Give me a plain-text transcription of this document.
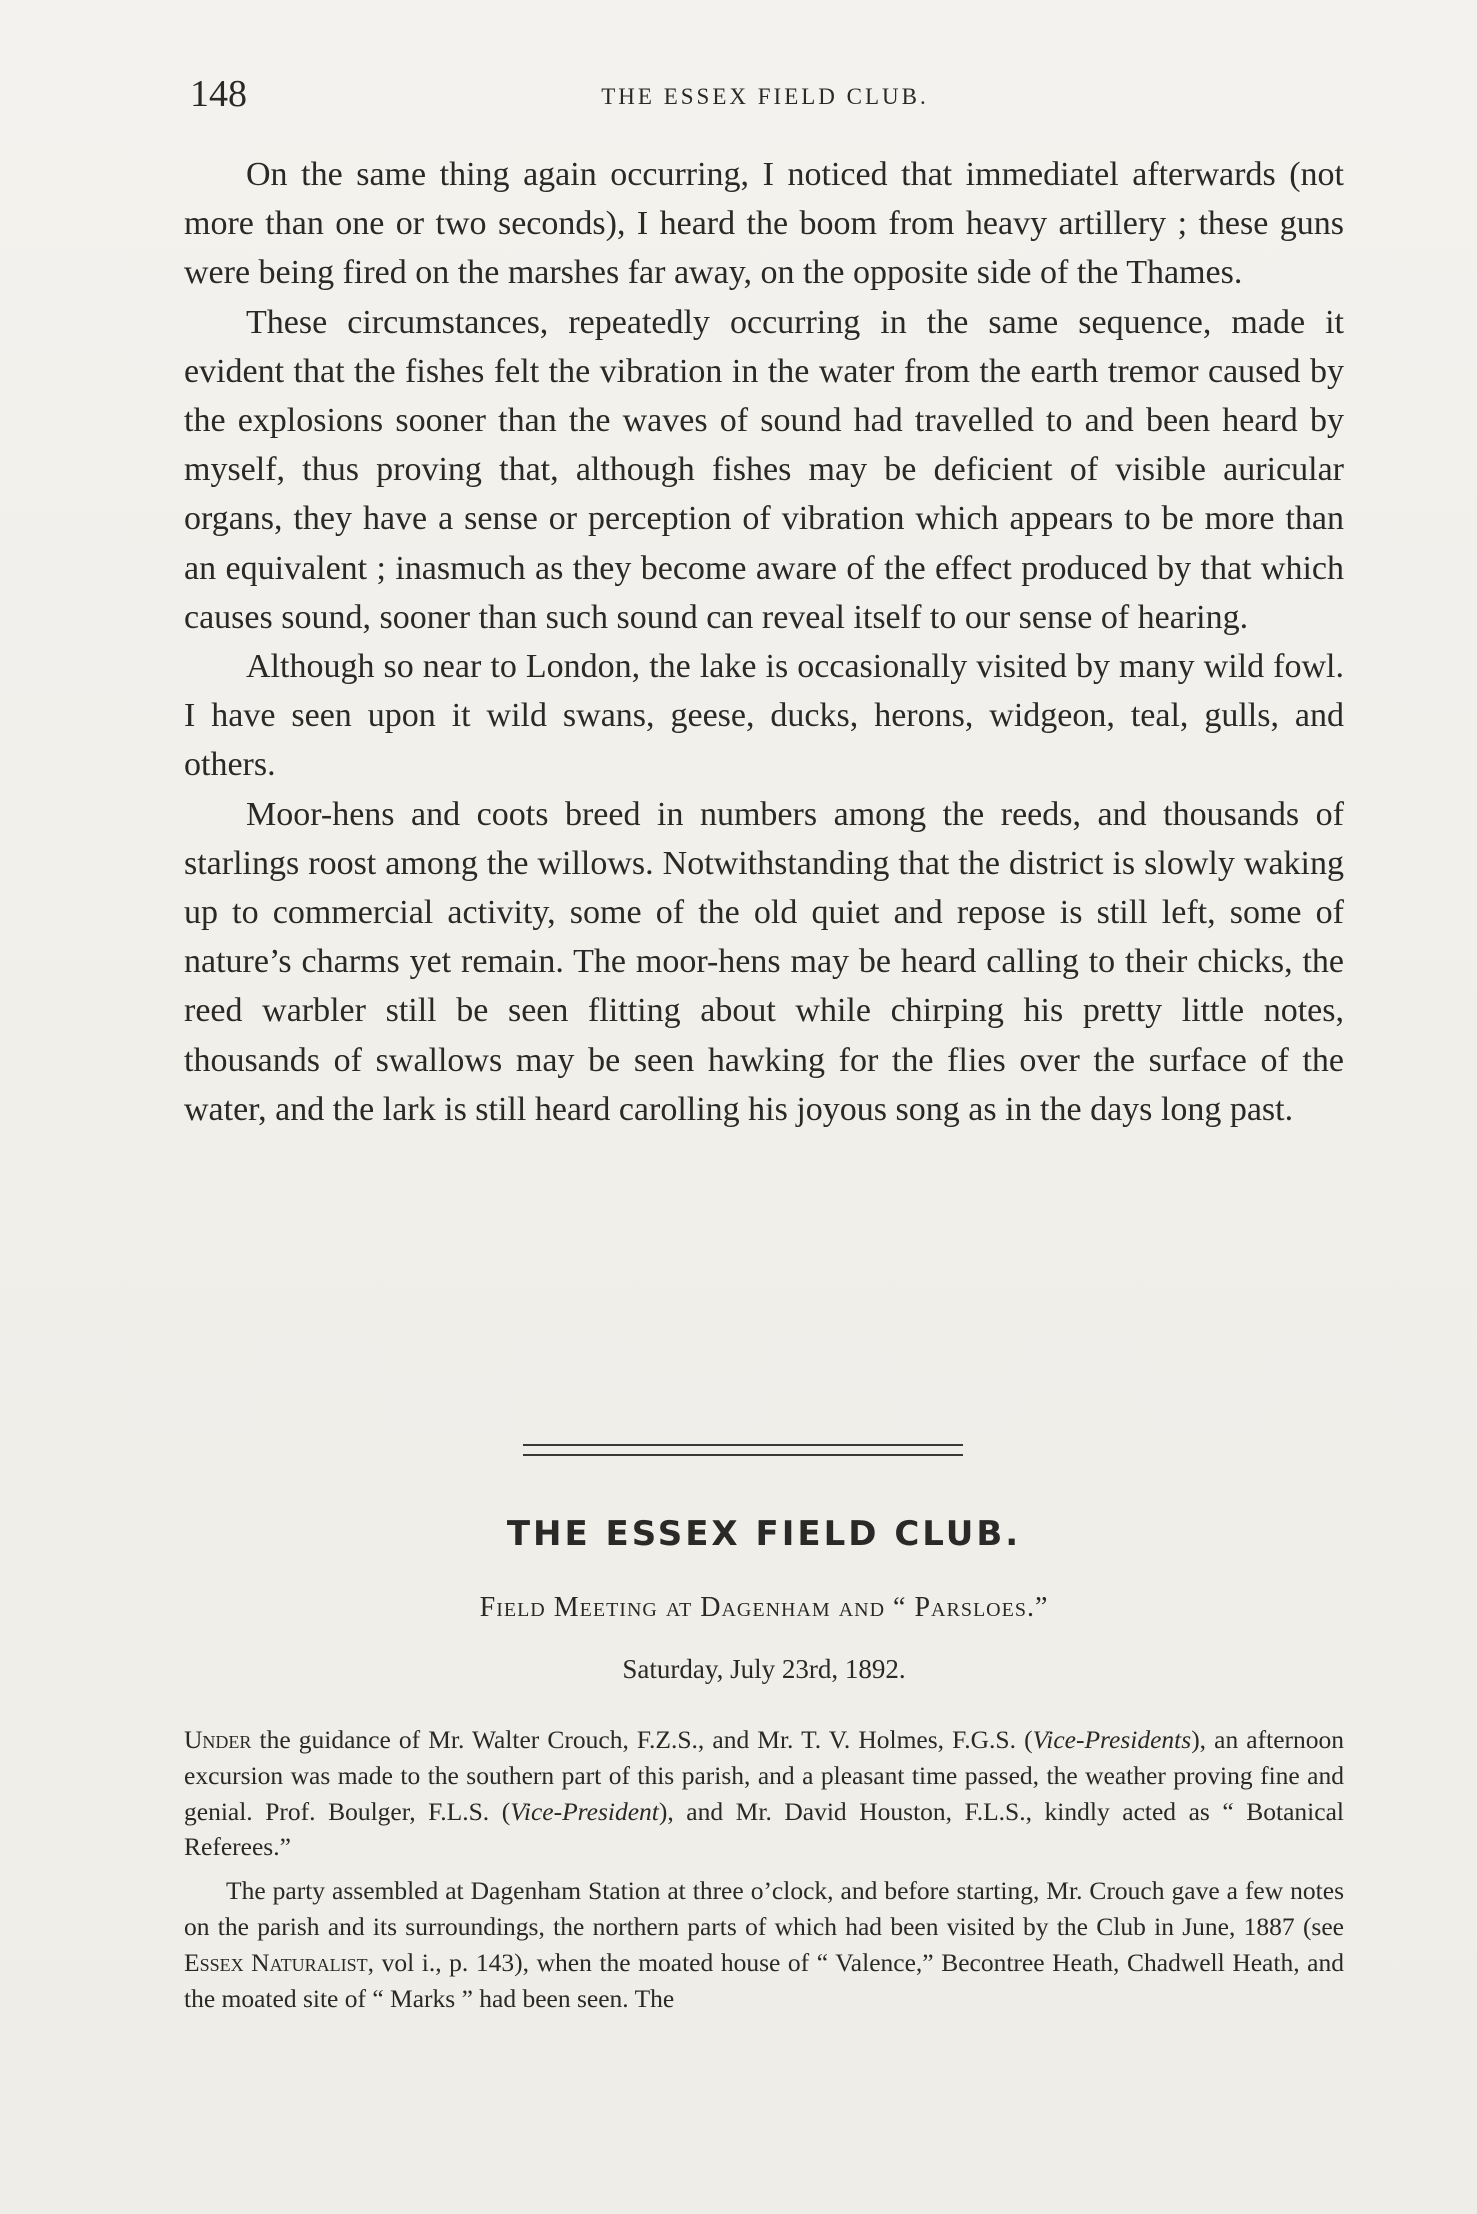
148	THE ESSEX FIELD CLUB.

On the same thing again occurring, I noticed that immediatel afterwards (not more than one or two seconds), I heard the boom from heavy artillery ; these guns were being fired on the marshes far away, on the opposite side of the Thames.

These circumstances, repeatedly occurring in the same sequence, made it evident that the fishes felt the vibration in the water from the earth tremor caused by the explosions sooner than the waves of sound had travelled to and been heard by myself, thus proving that, although fishes may be deficient of visible auricular organs, they have a sense or perception of vibration which appears to be more than an equivalent ; inasmuch as they become aware of the effect produced by that which causes sound, sooner than such sound can reveal itself to our sense of hearing.

Although so near to London, the lake is occasionally visited by many wild fowl. I have seen upon it wild swans, geese, ducks, herons, widgeon, teal, gulls, and others.

Moor-hens and coots breed in numbers among the reeds, and thousands of starlings roost among the willows. Notwithstanding that the district is slowly waking up to commercial activity, some of the old quiet and repose is still left, some of nature’s charms yet remain. The moor-hens may be heard calling to their chicks, the reed warbler still be seen flitting about while chirping his pretty little notes, thousands of swallows may be seen hawking for the flies over the surface of the water, and the lark is still heard carolling his joyous song as in the days long past.

THE ESSEX FIELD CLUB.
Field Meeting at Dagenham and “ Parsloes.”
Saturday, July 23rd, 1892.

Under the guidance of Mr. Walter Crouch, F.Z.S., and Mr. T. V. Holmes, F.G.S. (Vice-Presidents), an afternoon excursion was made to the southern part of this parish, and a pleasant time passed, the weather proving fine and genial. Prof. Boulger, F.L.S. (Vice-President), and Mr. David Houston, F.L.S., kindly acted as “ Botanical Referees.”

The party assembled at Dagenham Station at three o’clock, and before starting, Mr. Crouch gave a few notes on the parish and its surroundings, the northern parts of which had been visited by the Club in June, 1887 (see Essex Naturalist, vol i., p. 143), when the moated house of “ Valence,” Becontree Heath, Chadwell Heath, and the moated site of “ Marks ” had been seen. The
